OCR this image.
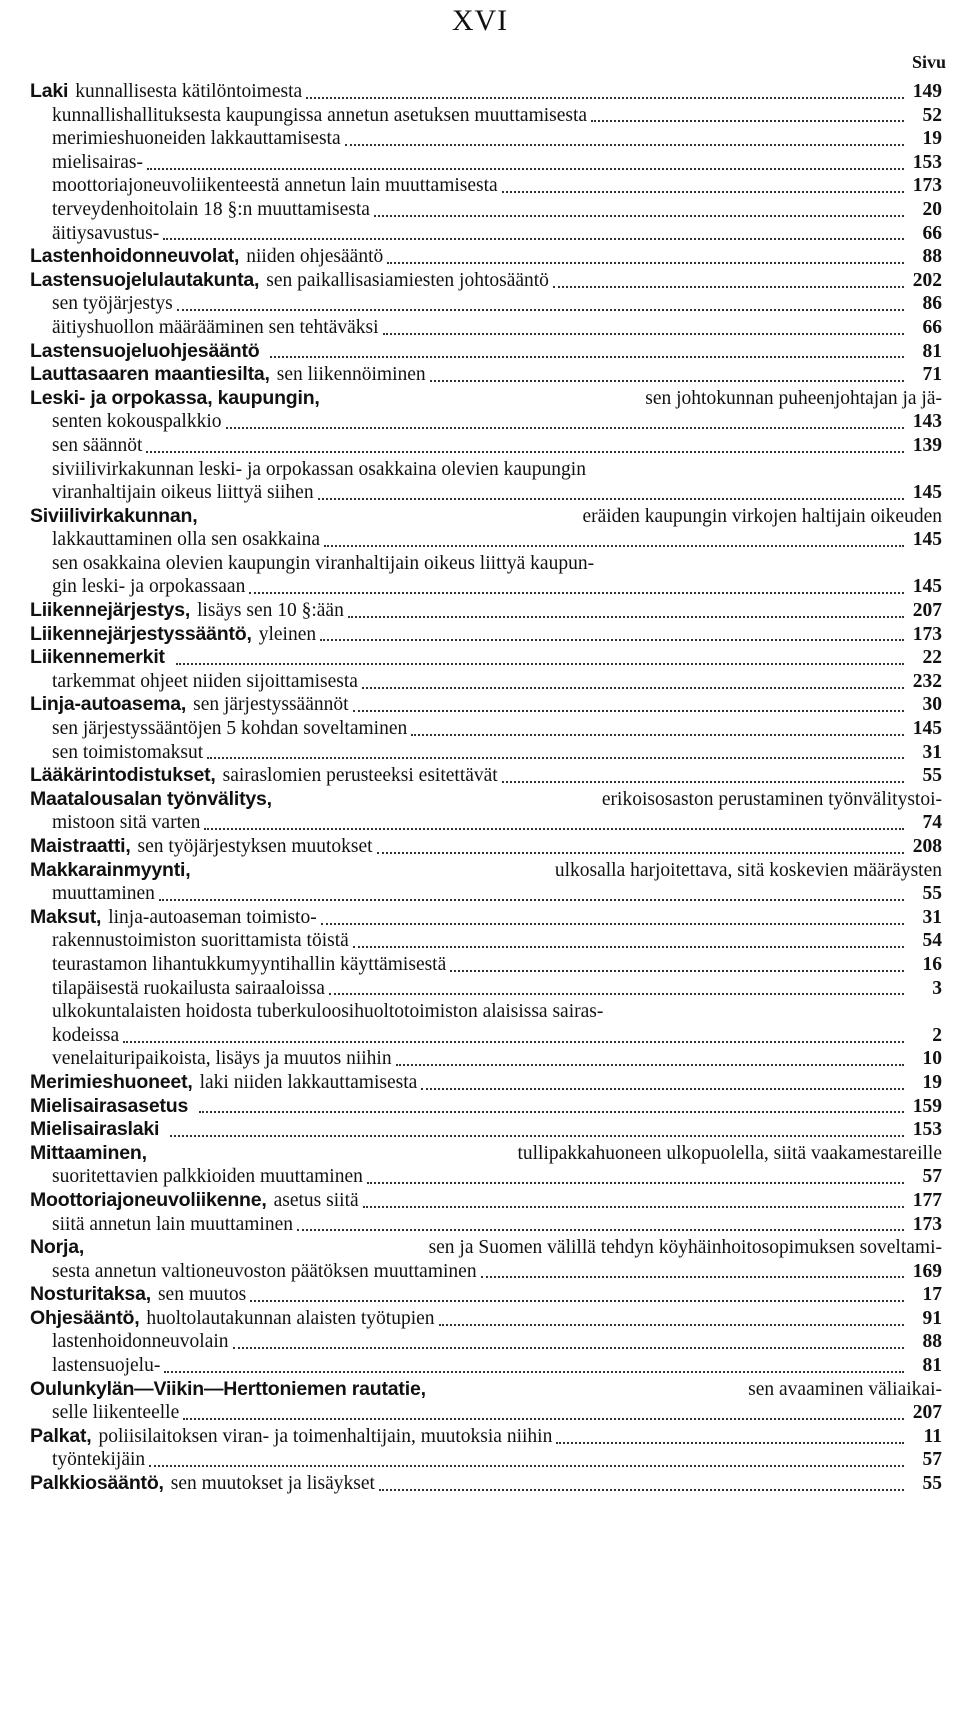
XVI
Sivu
Laki kunnallisesta kätilöntoimesta	149
kunnallishallituksesta kaupungissa annetun asetuksen muuttamisesta	52
merimieshuoneiden lakkauttamisesta	19
mielisairas-	153
moottoriajoneuvoliikenteestä annetun lain muuttamisesta	173
terveydenhoitolain 18 §:n muuttamisesta	20
äitiysavustus-	66
Lastenhoidonneuvolat, niiden ohjesääntö	88
Lastensuojelulautakunta, sen paikallisasiamiesten johtosääntö	202
sen työjärjestys	86
äitiyshuollon määrääminen sen tehtäväksi	66
Lastensuojeluohjesääntö	81
Lauttasaaren maantiesilta, sen liikennöiminen	71
Leski- ja orpokassa, kaupungin,	sen johtokunnan puheenjohtajan ja jä-
senten kokouspalkkio	143
sen säännöt	139
siviilivirkakunnan leski- ja orpokassan osakkaina olevien kaupungin
viranhaltijain oikeus liittyä siihen	145
Siviilivirkakunnan,	eräiden kaupungin virkojen haltijain oikeuden
lakkauttaminen olla sen osakkaina	145
sen osakkaina olevien kaupungin viranhaltijain oikeus liittyä kaupun-
gin leski- ja orpokassaan	145
Liikennejärjestys, lisäys sen 10 §:ään	207
Liikennejärjestyssääntö, yleinen	173
Liikennemerkit	22
tarkemmat ohjeet niiden sijoittamisesta	232
Linja-autoasema, sen järjestyssäännöt	30
sen järjestyssääntöjen 5 kohdan soveltaminen	145
sen toimistomaksut	31
Lääkärintodistukset, sairaslomien perusteeksi esitettävät	55
Maatalousalan työnvälitys,	erikoisosaston perustaminen työnvälitystoi-
mistoon sitä varten	74
Maistraatti, sen työjärjestyksen muutokset	208
Makkarainmyynti,	ulkosalla harjoitettava, sitä koskevien määräysten
muuttaminen	55
Maksut, linja-autoaseman toimisto-	31
rakennustoimiston suorittamista töistä	54
teurastamon lihantukkumyyntihallin käyttämisestä	16
tilapäisestä ruokailusta sairaaloissa	3
ulkokuntalaisten hoidosta tuberkuloosihuoltotoimiston alaisissa sairas-
kodeissa	2
venelaituripaikoista, lisäys ja muutos niihin	10
Merimieshuoneet, laki niiden lakkauttamisesta	19
Mielisairasasetus	159
Mielisairaslaki	153
Mittaaminen,	tullipakkahuoneen ulkopuolella, siitä vaakamestareille
suoritettavien palkkioiden muuttaminen	57
Moottoriajoneuvoliikenne, asetus siitä	177
siitä annetun lain muuttaminen	173
Norja,	sen ja Suomen välillä tehdyn köyhäinhoitosopimuksen soveltami-
sesta annetun valtioneuvoston päätöksen muuttaminen	169
Nosturitaksa, sen muutos	17
Ohjesääntö, huoltolautakunnan alaisten työtupien	91
lastenhoidonneuvolain	88
lastensuojelu-	81
Oulunkylän—Viikin—Herttoniemen rautatie,	sen avaaminen väliaikai-
selle liikenteelle	207
Palkat, poliisilaitoksen viran- ja toimenhaltijain, muutoksia niihin	11
työntekijäin	57
Palkkiosääntö, sen muutokset ja lisäykset	55
